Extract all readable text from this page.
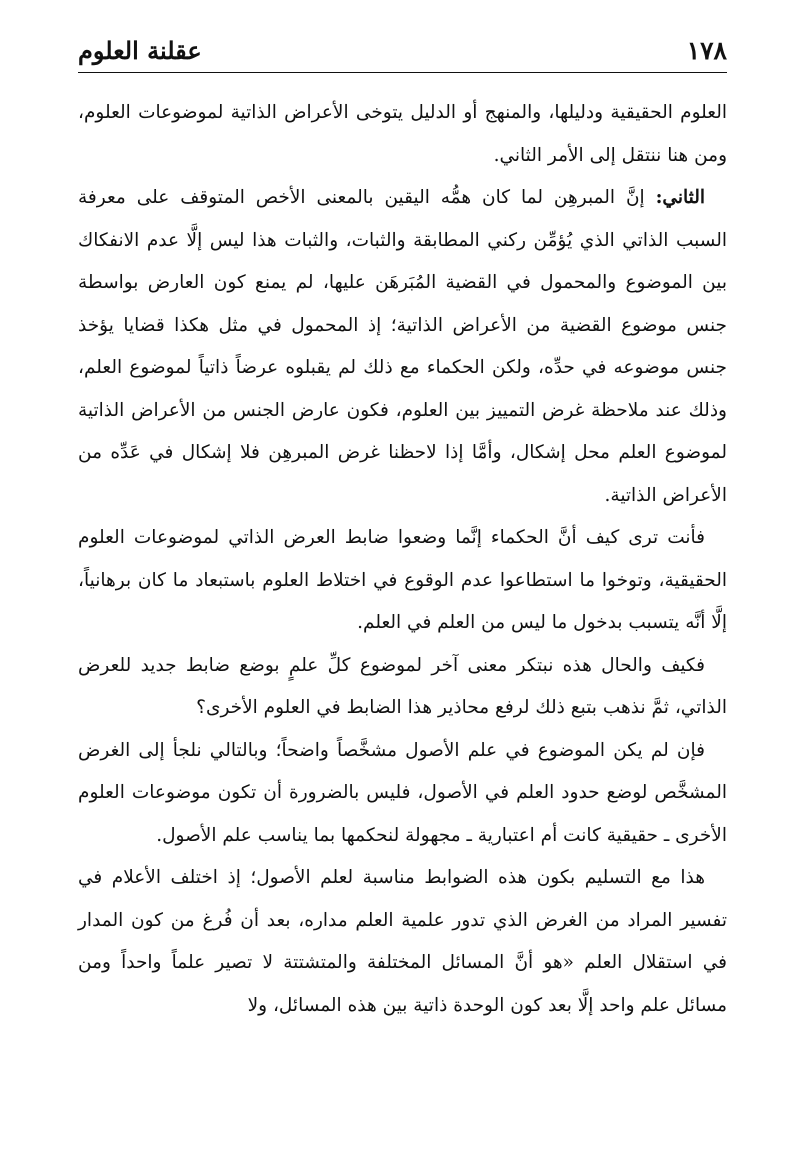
١٧٨
عقلنة العلوم

العلوم الحقيقية ودليلها، والمنهج أو الدليل يتوخى الأعراض الذاتية لموضوعات العلوم، ومن هنا ننتقل إلى الأمر الثاني.

الثاني: إنَّ المبرهِن لما كان همُّه اليقين بالمعنى الأخص المتوقف على معرفة السبب الذاتي الذي يُؤمِّن ركني المطابقة والثبات، والثبات هذا ليس إلَّا عدم الانفكاك بين الموضوع والمحمول في القضية المُبَرهَن عليها، لم يمنع كون العارض بواسطة جنس موضوع القضية من الأعراض الذاتية؛ إذ المحمول في مثل هكذا قضايا يؤخذ جنس موضوعه في حدِّه، ولكن الحكماء مع ذلك لم يقبلوه عرضاً ذاتياً لموضوع العلم، وذلك عند ملاحظة غرض التمييز بين العلوم، فكون عارض الجنس من الأعراض الذاتية لموضوع العلم محل إشكال، وأمَّا إذا لاحظنا غرض المبرهِن فلا إشكال في عَدِّه من الأعراض الذاتية.

فأنت ترى كيف أنَّ الحكماء إنَّما وضعوا ضابط العرض الذاتي لموضوعات العلوم الحقيقية، وتوخوا ما استطاعوا عدم الوقوع في اختلاط العلوم باستبعاد ما كان برهانياً، إلَّا أنَّه يتسبب بدخول ما ليس من العلم في العلم.

فكيف والحال هذه نبتكر معنى آخر لموضوع كلِّ علمٍ بوضع ضابط جديد للعرض الذاتي، ثمَّ نذهب بتبع ذلك لرفع محاذير هذا الضابط في العلوم الأخرى؟

فإن لم يكن الموضوع في علم الأصول مشخَّصاً واضحاً؛ وبالتالي نلجأ إلى الغرض المشخَّص لوضع حدود العلم في الأصول، فليس بالضرورة أن تكون موضوعات العلوم الأخرى ـ حقيقية كانت أم اعتبارية ـ مجهولة لنحكمها بما يناسب علم الأصول.

هذا مع التسليم بكون هذه الضوابط مناسبة لعلم الأصول؛ إذ اختلف الأعلام في تفسير المراد من الغرض الذي تدور علمية العلم مداره، بعد أن فُرغ من كون المدار في استقلال العلم «هو أنَّ المسائل المختلفة والمتشتتة لا تصير علماً واحداً ومن مسائل علم واحد إلَّا بعد كون الوحدة ذاتية بين هذه المسائل، ولا
